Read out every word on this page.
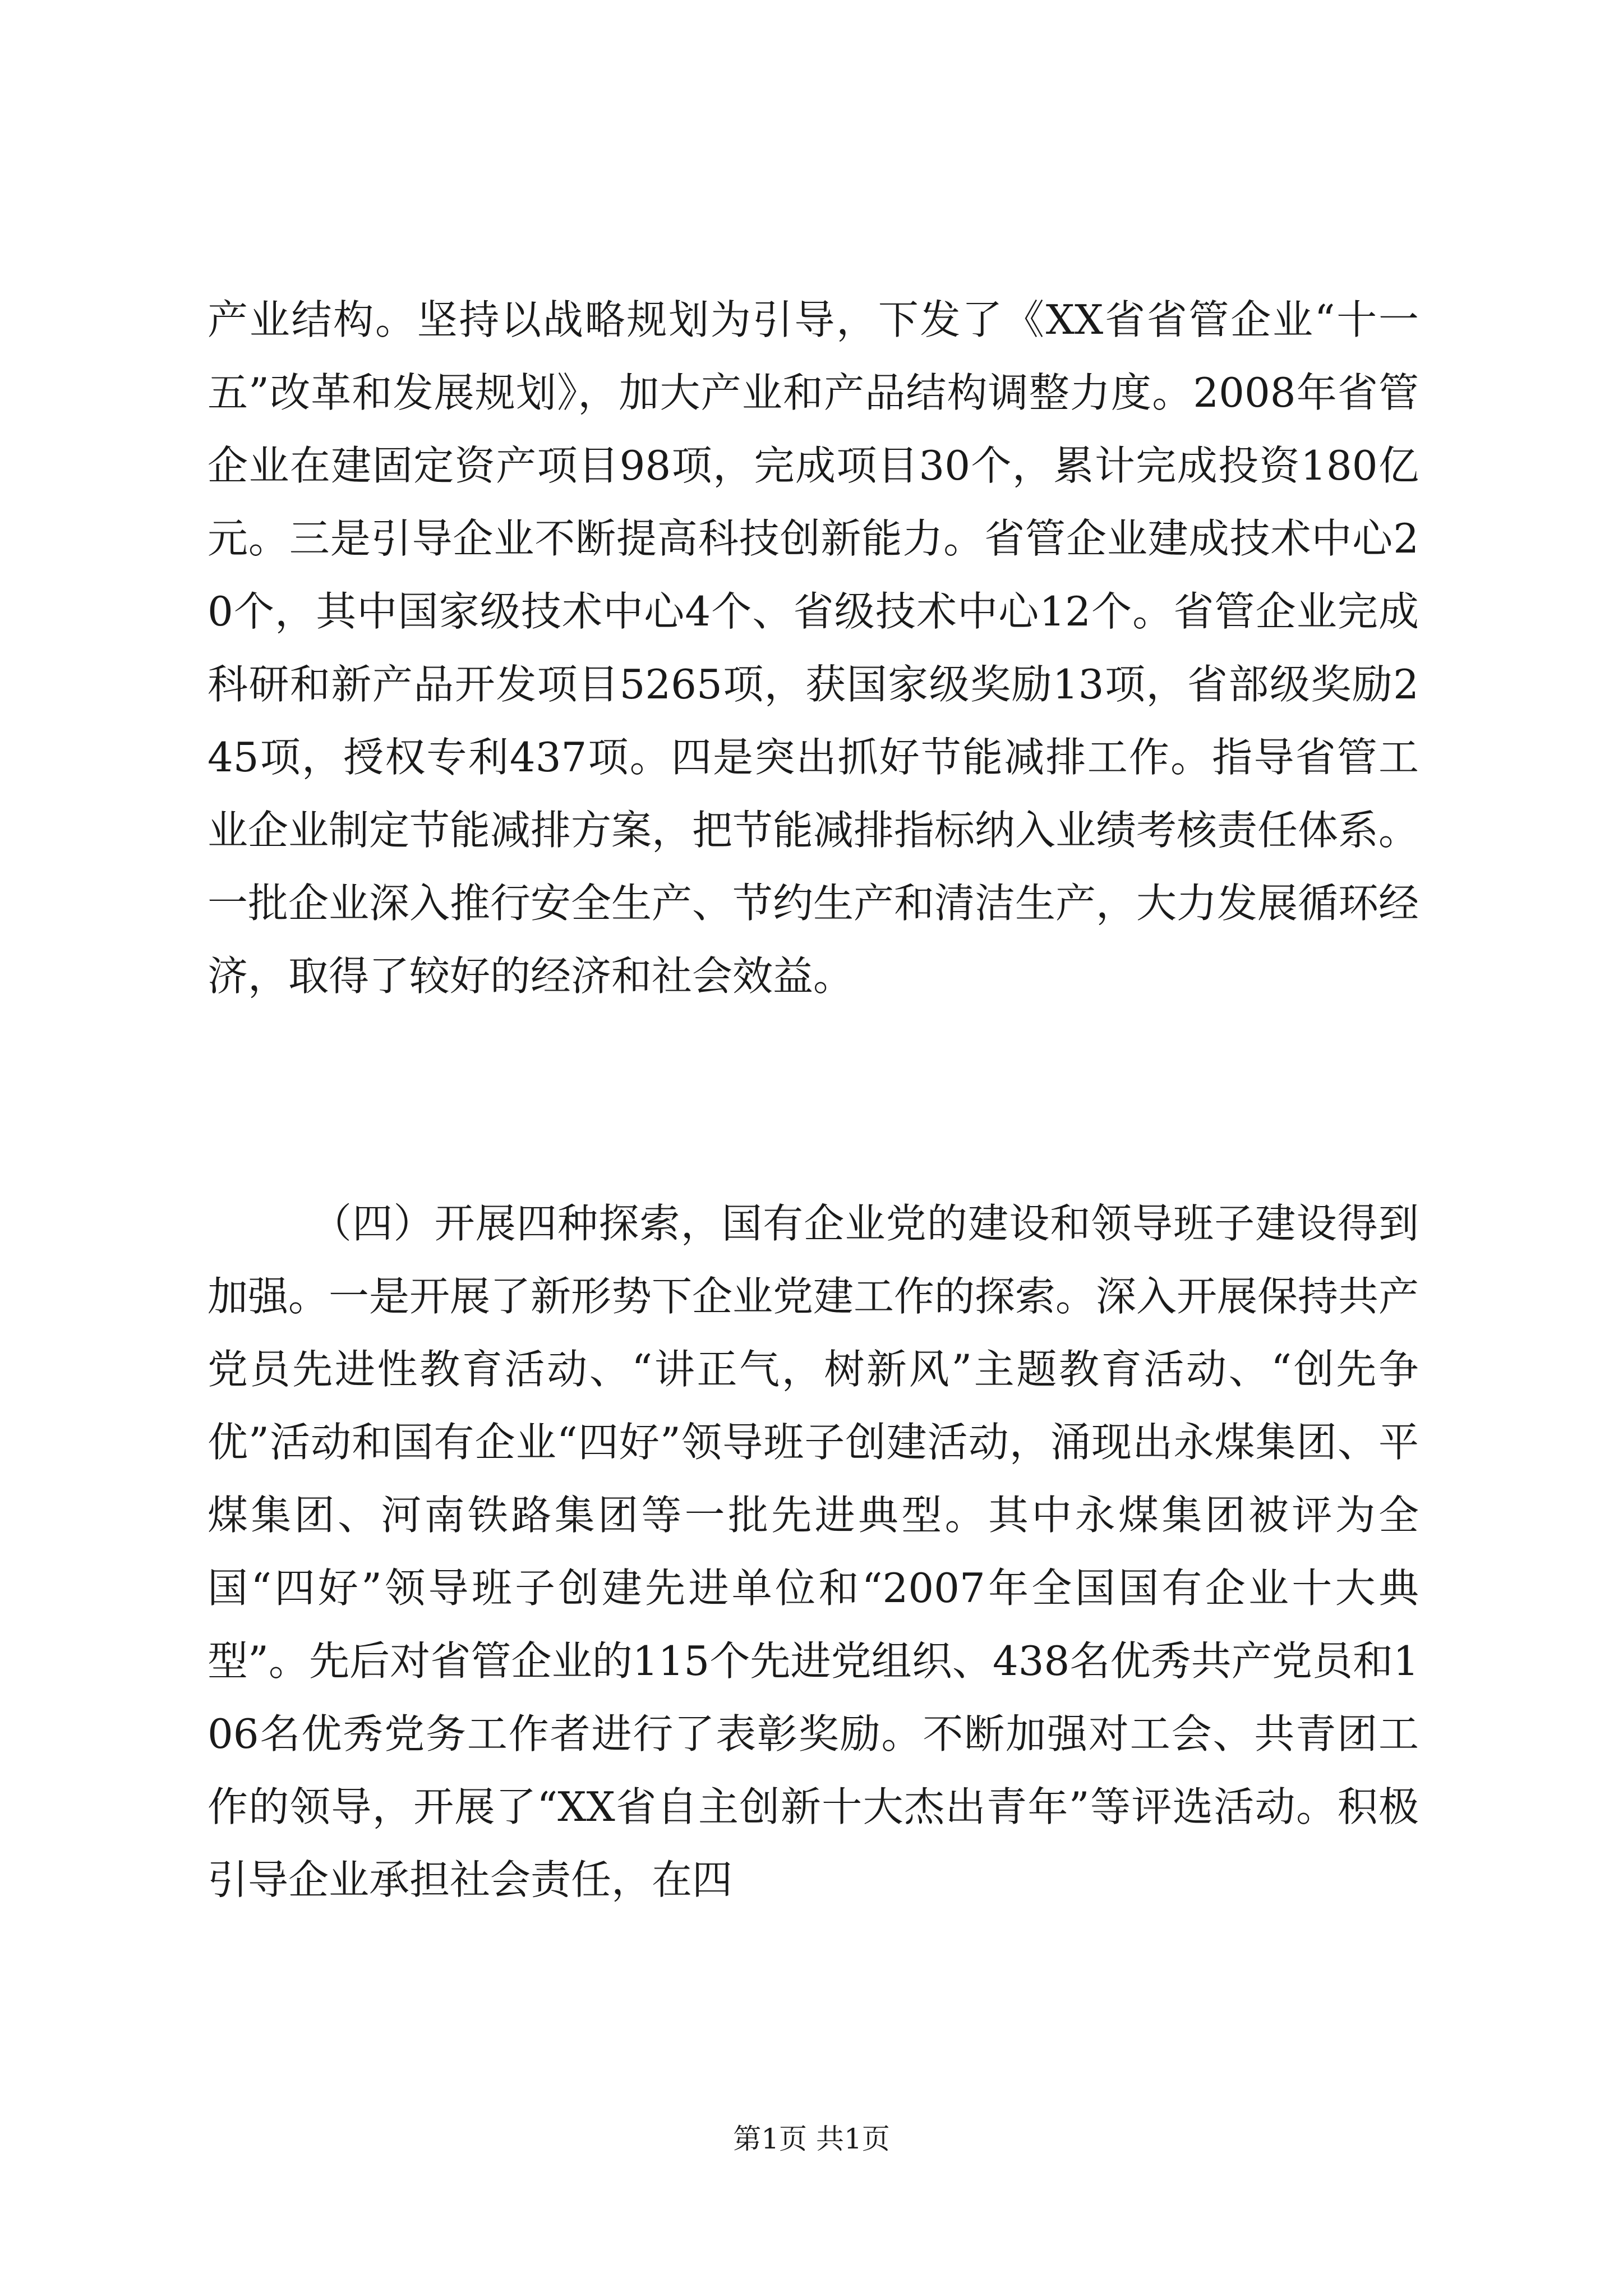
产业结构。坚持以战略规划为引导，下发了《XX省省管企业“十一五”改革和发展规划》，加大产业和产品结构调整力度。2008年省管企业在建固定资产项目98项，完成项目30个，累计完成投资180亿元。三是引导企业不断提高科技创新能力。省管企业建成技术中心20个，其中国家级技术中心4个、省级技术中心12个。省管企业完成科研和新产品开发项目5265项，获国家级奖励13项，省部级奖励245项，授权专利437项。四是突出抓好节能减排工作。指导省管工业企业制定节能减排方案，把节能减排指标纳入业绩考核责任体系。一批企业深入推行安全生产、节约生产和清洁生产，大力发展循环经济，取得了较好的经济和社会效益。

（四）开展四种探索，国有企业党的建设和领导班子建设得到加强。一是开展了新形势下企业党建工作的探索。深入开展保持共产党员先进性教育活动、“讲正气，树新风”主题教育活动、“创先争优”活动和国有企业“四好”领导班子创建活动，涌现出永煤集团、平煤集团、河南铁路集团等一批先进典型。其中永煤集团被评为全国“四好”领导班子创建先进单位和“2007年全国国有企业十大典型”。先后对省管企业的115个先进党组织、438名优秀共产党员和106名优秀党务工作者进行了表彰奖励。不断加强对工会、共青团工作的领导，开展了“XX省自主创新十大杰出青年”等评选活动。积极引导企业承担社会责任，在四

第1页 共1页
